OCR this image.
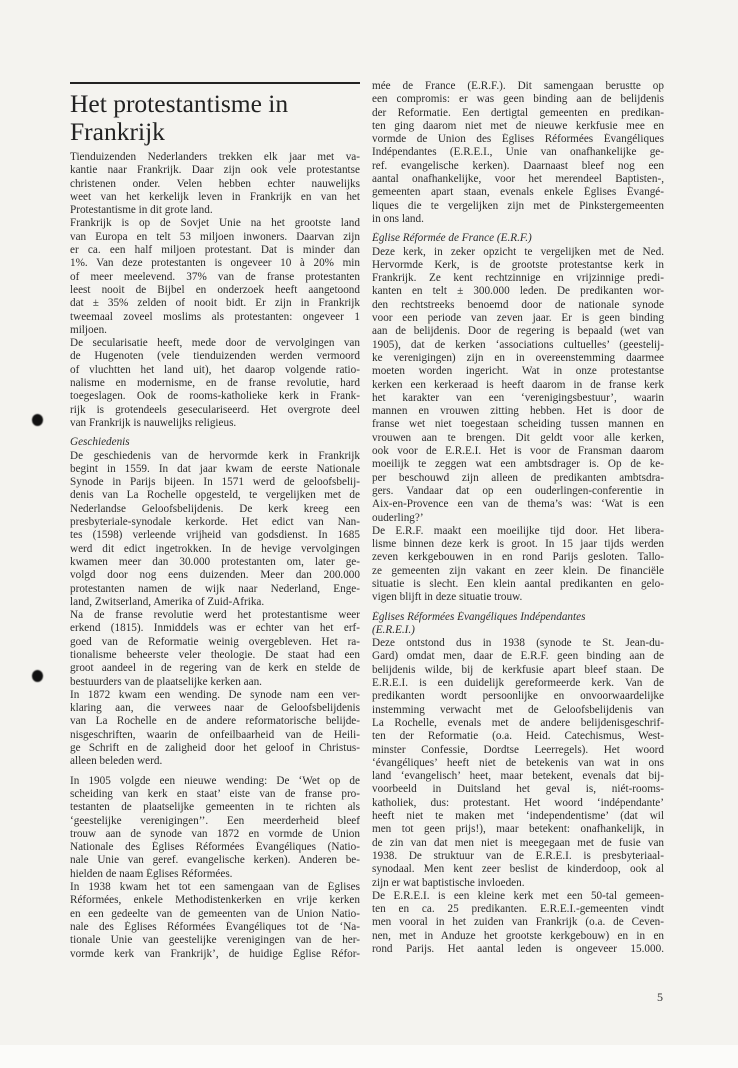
Het protestantisme in
Frankrijk
Tienduizenden Nederlanders trekken elk jaar met va-
kantie naar Frankrijk. Daar zijn ook vele protestantse
christenen onder. Velen hebben echter nauwelijks
weet van het kerkelijk leven in Frankrijk en van het
Protestantisme in dit grote land.
Frankrijk is op de Sovjet Unie na het grootste land
van Europa en telt 53 miljoen inwoners. Daarvan zijn
er ca. een half miljoen protestant. Dat is minder dan
1%. Van deze protestanten is ongeveer 10 à 20% min
of meer meelevend. 37% van de franse protestanten
leest nooit de Bijbel en onderzoek heeft aangetoond
dat ± 35% zelden of nooit bidt. Er zijn in Frankrijk
tweemaal zoveel moslims als protestanten: ongeveer 1
miljoen.
De secularisatie heeft, mede door de vervolgingen van
de Hugenoten (vele tienduizenden werden vermoord
of vluchtten het land uit), het daarop volgende ratio-
nalisme en modernisme, en de franse revolutie, hard
toegeslagen. Ook de rooms-katholieke kerk in Frank-
rijk is grotendeels geseculariseerd. Het overgrote deel
van Frankrijk is nauwelijks religieus.
Geschiedenis
De geschiedenis van de hervormde kerk in Frankrijk
begint in 1559. In dat jaar kwam de eerste Nationale
Synode in Parijs bijeen. In 1571 werd de geloofsbelij-
denis van La Rochelle opgesteld, te vergelijken met de
Nederlandse Geloofsbelijdenis. De kerk kreeg een
presbyteriale-synodale kerkorde. Het edict van Nan-
tes (1598) verleende vrijheid van godsdienst. In 1685
werd dit edict ingetrokken. In de hevige vervolgingen
kwamen meer dan 30.000 protestanten om, later ge-
volgd door nog eens duizenden. Meer dan 200.000
protestanten namen de wijk naar Nederland, Enge-
land, Zwitserland, Amerika of Zuid-Afrika.
Na de franse revolutie werd het protestantisme weer
erkend (1815). Inmiddels was er echter van het erf-
goed van de Reformatie weinig overgebleven. Het ra-
tionalisme beheerste veler theologie. De staat had een
groot aandeel in de regering van de kerk en stelde de
bestuurders van de plaatselijke kerken aan.
In 1872 kwam een wending. De synode nam een ver-
klaring aan, die verwees naar de Geloofsbelijdenis
van La Rochelle en de andere reformatorische belijde-
nisgeschriften, waarin de onfeilbaarheid van de Heili-
ge Schrift en de zaligheid door het geloof in Christus-
alleen beleden werd.
In 1905 volgde een nieuwe wending: De ‘Wet op de
scheiding van kerk en staat’ eiste van de franse pro-
testanten de plaatselijke gemeenten in te richten als
‘geestelijke verenigingen’’. Een meerderheid bleef
trouw aan de synode van 1872 en vormde de Union
Nationale des Églises Réformées Évangéliques (Natio-
nale Unie van geref. evangelische kerken). Anderen be-
hielden de naam Églises Réformées.
In 1938 kwam het tot een samengaan van de Églises
Réformées, enkele Methodistenkerken en vrije kerken
en een gedeelte van de gemeenten van de Union Natio-
nale des Églises Réformées Évangéliques tot de ‘Na-
tionale Unie van geestelijke verenigingen van de her-
vormde kerk van Frankrijk’, de huidige Église Réfor-
mée de France (E.R.F.). Dit samengaan berustte op
een compromis: er was geen binding aan de belijdenis
der Reformatie. Een dertigtal gemeenten en predikan-
ten ging daarom niet met de nieuwe kerkfusie mee en
vormde de Union des Églises Réformées Évangéliques
Indépendantes (E.R.E.I., Unie van onafhankelijke ge-
ref. evangelische kerken). Daarnaast bleef nog een
aantal onafhankelijke, voor het merendeel Baptisten-,
gemeenten apart staan, evenals enkele Églises Évangé-
liques die te vergelijken zijn met de Pinkstergemeenten
in ons land.
Église Réformée de France (E.R.F.)
Deze kerk, in zeker opzicht te vergelijken met de Ned.
Hervormde Kerk, is de grootste protestantse kerk in
Frankrijk. Ze kent rechtzinnige en vrijzinnige predi-
kanten en telt ± 300.000 leden. De predikanten wor-
den rechtstreeks benoemd door de nationale synode
voor een periode van zeven jaar. Er is geen binding
aan de belijdenis. Door de regering is bepaald (wet van
1905), dat de kerken ‘associations cultuelles’ (geestelij-
ke verenigingen) zijn en in overeenstemming daarmee
moeten worden ingericht. Wat in onze protestantse
kerken een kerkeraad is heeft daarom in de franse kerk
het karakter van een ‘verenigingsbestuur’, waarin
mannen en vrouwen zitting hebben. Het is door de
franse wet niet toegestaan scheiding tussen mannen en
vrouwen aan te brengen. Dit geldt voor alle kerken,
ook voor de E.R.E.I. Het is voor de Fransman daarom
moeilijk te zeggen wat een ambtsdrager is. Op de ke-
per beschouwd zijn alleen de predikanten ambtsdra-
gers. Vandaar dat op een ouderlingen-conferentie in
Aix-en-Provence een van de thema’s was: ‘Wat is een
ouderling?’
De E.R.F. maakt een moeilijke tijd door. Het libera-
lisme binnen deze kerk is groot. In 15 jaar tijds werden
zeven kerkgebouwen in en rond Parijs gesloten. Tallo-
ze gemeenten zijn vakant en zeer klein. De financiële
situatie is slecht. Een klein aantal predikanten en gelo-
vigen blijft in deze situatie trouw.
Églises Réformées Évangéliques Indépendantes
(E.R.E.I.)
Deze ontstond dus in 1938 (synode te St. Jean-du-
Gard) omdat men, daar de E.R.F. geen binding aan de
belijdenis wilde, bij de kerkfusie apart bleef staan. De
E.R.E.I. is een duidelijk gereformeerde kerk. Van de
predikanten wordt persoonlijke en onvoorwaardelijke
instemming verwacht met de Geloofsbelijdenis van
La Rochelle, evenals met de andere belijdenisgeschrif-
ten der Reformatie (o.a. Heid. Catechismus, West-
minster Confessie, Dordtse Leerregels). Het woord
‘évangéliques’ heeft niet de betekenis van wat in ons
land ‘evangelisch’ heet, maar betekent, evenals dat bij-
voorbeeld in Duitsland het geval is, niét-rooms-
katholiek, dus: protestant. Het woord ‘indépendante’
heeft niet te maken met ‘independentisme’ (dat wil
men tot geen prijs!), maar betekent: onafhankelijk, in
de zin van dat men niet is meegegaan met de fusie van
1938. De struktuur van de E.R.E.I. is presbyteriaal-
synodaal. Men kent zeer beslist de kinderdoop, ook al
zijn er wat baptistische invloeden.
De E.R.E.I. is een kleine kerk met een 50-tal gemeen-
ten en ca. 25 predikanten. E.R.E.I.-gemeenten vindt
men vooral in het zuiden van Frankrijk (o.a. de Ceven-
nen, met in Anduze het grootste kerkgebouw) en in en
rond Parijs. Het aantal leden is ongeveer 15.000.
5
